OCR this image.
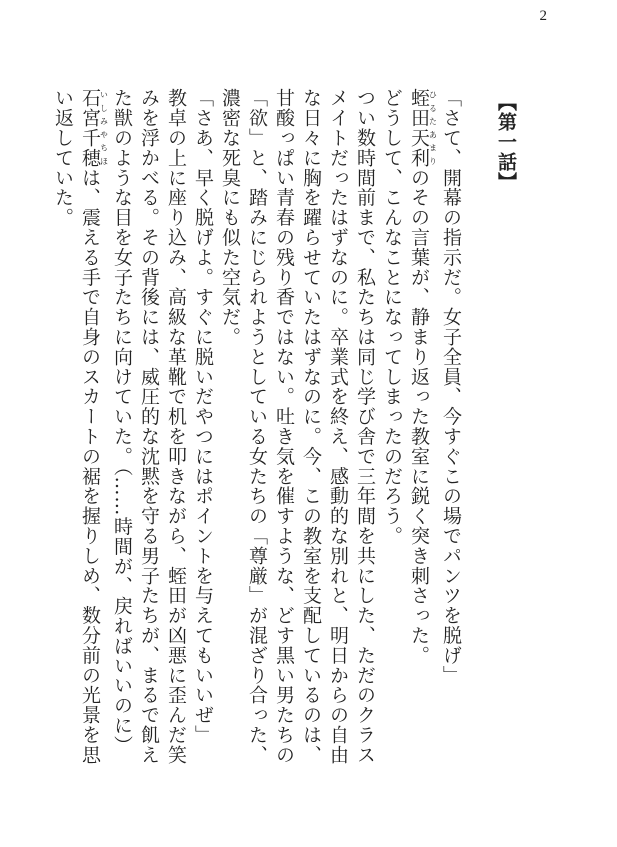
2
【第一話】

「さて、開幕の指示だ。女子全員、今すぐこの場でパンツを脱げ」

蛭田天利ひるたあまりのその言葉が、静まり返った教室に鋭く突き刺さった。

どうして、こんなことになってしまったのだろう。

つい数時間前まで、私たちは同じ学び舎で三年間を共にした、ただのクラスメイトだったはずなのに。卒業式を終え、感動的な別れと、明日からの自由な日々に胸を躍らせていたはずなのに。今、この教室を支配しているのは、甘酸っぱい青春の残り香ではない。吐き気を催すような、どす黒い男たちの「欲」と、踏みにじられようとしている女たちの「尊厳」が混ざり合った、濃密な死臭にも似た空気だ。

「さあ、早く脱げよ。すぐに脱いだやつにはポイントを与えてもいいぜ」

教卓の上に座り込み、高級な革靴で机を叩きながら、蛭田が凶悪に歪んだ笑みを浮かべる。その背後には、威圧的な沈黙を守る男子たちが、まるで飢えた獣のような目を女子たちに向けていた。（……時間が、戻ればいいのに）

石宮千穂いしみやちほは、震える手で自身のスカートの裾を握りしめ、数分前の光景を思い返していた。
